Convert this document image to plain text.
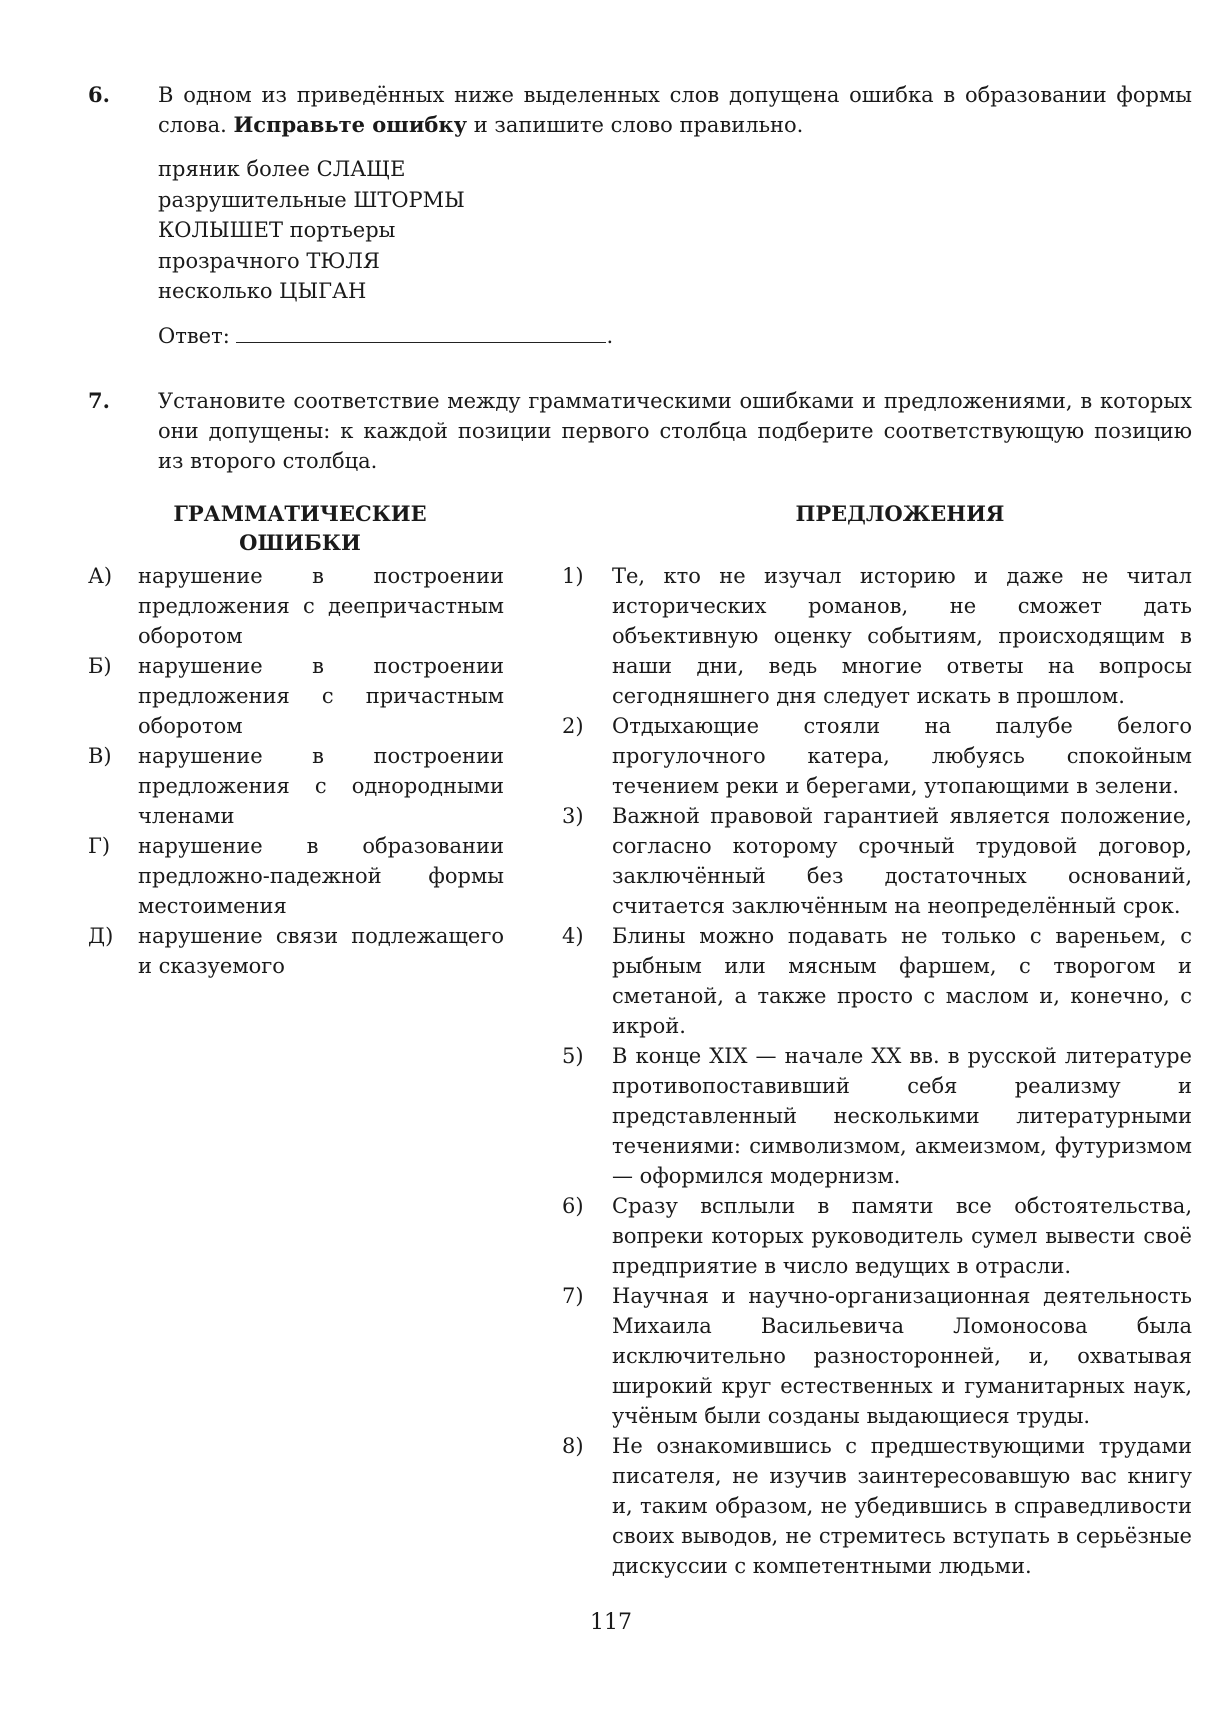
6. В одном из приведённых ниже выделенных слов допущена ошибка в образовании формы слова. Исправьте ошибку и запишите слово правильно.

пряник более СЛАЩЕ
разрушительные ШТОРМЫ
КОЛЫШЕТ портьеры
прозрачного ТЮЛЯ
несколько ЦЫГАН
Ответ:	.
7. Установите соответствие между грамматическими ошибками и предложениями, в которых они допущены: к каждой позиции первого столбца подберите соответствующую позицию из второго столбца.

ГРАММАТИЧЕСКИЕ
ОШИБКИ
ПРЕДЛОЖЕНИЯ
А) нарушение в построении предложения с деепричастным оборотом
Б) нарушение в построении предложения с причастным оборотом
В) нарушение в построении предложения с однородными членами
Г) нарушение в образовании предложно-падежной формы местоимения
Д) нарушение связи подлежащего и сказуемого
1) Те, кто не изучал историю и даже не читал исторических романов, не сможет дать объективную оценку событиям, происходящим в наши дни, ведь многие ответы на вопросы сегодняшнего дня следует искать в прошлом.
2) Отдыхающие стояли на палубе белого прогулочного катера, любуясь спокойным течением реки и берегами, утопающими в зелени.
3) Важной правовой гарантией является положение, согласно которому срочный трудовой договор, заключённый без достаточных оснований, считается заключённым на неопределённый срок.
4) Блины можно подавать не только с вареньем, с рыбным или мясным фаршем, с творогом и сметаной, а также просто с маслом и, конечно, с икрой.
5) В конце XIX — начале XX вв. в русской литературе противопоставивший себя реализму и представленный несколькими литературными течениями: символизмом, акмеизмом, футуризмом — оформился модернизм.
6) Сразу всплыли в памяти все обстоятельства, вопреки которых руководитель сумел вывести своё предприятие в число ведущих в отрасли.
7) Научная и научно-организационная деятельность Михаила Васильевича Ломоносова была исключительно разносторонней, и, охватывая широкий круг естественных и гуманитарных наук, учёным были созданы выдающиеся труды.
8) Не ознакомившись с предшествующими трудами писателя, не изучив заинтересовавшую вас книгу и, таким образом, не убедившись в справедливости своих выводов, не стремитесь вступать в серьёзные дискуссии с компетентными людьми.
117
